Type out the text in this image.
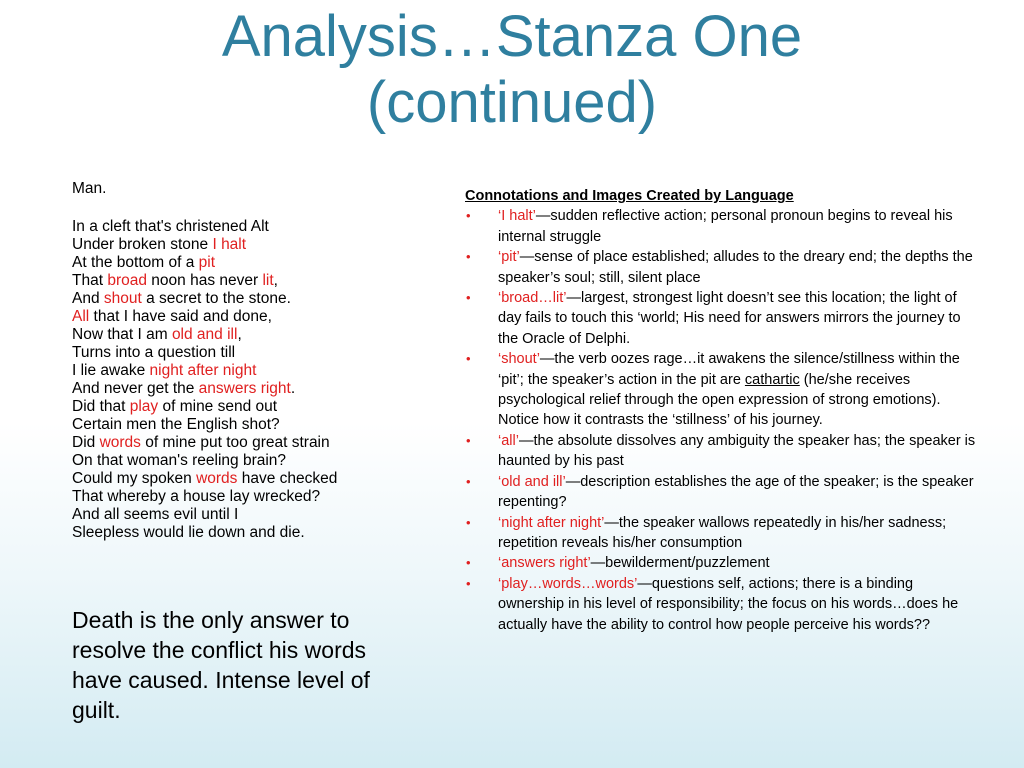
Analysis…Stanza One
(continued)

Man.

In a cleft that's christened Alt
Under broken stone I halt
At the bottom of a pit
That broad noon has never lit,
And shout a secret to the stone.
All that I have said and done,
Now that I am old and ill,
Turns into a question till
I lie awake night after night
And never get the answers right.
Did that play of mine send out
Certain men the English shot?
Did words of mine put too great strain
On that woman's reeling brain?
Could my spoken words have checked
That whereby a house lay wrecked?
And all seems evil until I
Sleepless would lie down and die.

Death is the only answer to resolve the conflict his words have caused. Intense level of guilt.

Connotations and Images Created by Language

• ‘I halt’—sudden reflective action; personal pronoun begins to reveal his internal struggle
• ‘pit’—sense of place established; alludes to the dreary end; the depths the speaker’s soul; still, silent place
• ‘broad…lit’—largest, strongest light doesn’t see this location; the light of day fails to touch this ‘world; His need for answers mirrors the journey to the Oracle of Delphi.
• ‘shout’—the verb oozes rage…it awakens the silence/stillness within the ‘pit’; the speaker’s action in the pit are cathartic (he/she receives psychological relief through the open expression of strong emotions). Notice how it contrasts the ‘stillness’ of his journey.
• ‘all’—the absolute dissolves any ambiguity the speaker has; the speaker is haunted by his past
• ‘old and ill’—description establishes the age of the speaker; is the speaker repenting?
• ‘night after night’—the speaker wallows repeatedly in his/her sadness; repetition reveals his/her consumption
• ‘answers right’—bewilderment/puzzlement
• ‘play…words…words’—questions self, actions; there is a binding ownership in his level of responsibility; the focus on his words…does he actually have the ability to control how people perceive his words??
